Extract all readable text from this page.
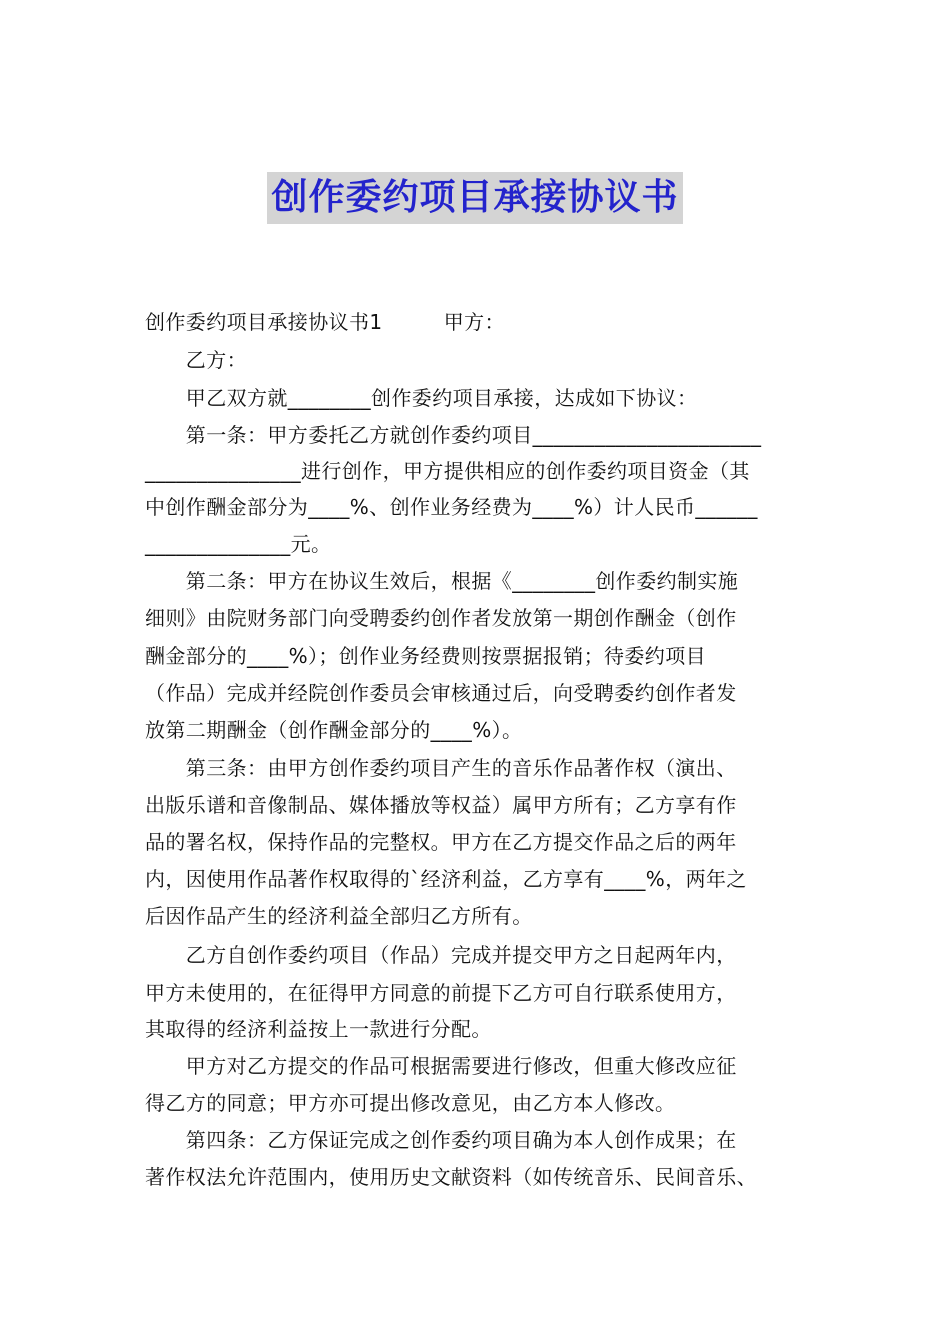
创作委约项目承接协议书
创作委约项目承接协议书1　　　甲方：
　　乙方：
　　甲乙双方就________创作委约项目承接，达成如下协议：
　　第一条：甲方委托乙方就创作委约项目______________________
_______________进行创作，甲方提供相应的创作委约项目资金（其
中创作酬金部分为____%、创作业务经费为____%）计人民币______
______________元。
　　第二条：甲方在协议生效后，根据《________创作委约制实施
细则》由院财务部门向受聘委约创作者发放第一期创作酬金（创作
酬金部分的____%）；创作业务经费则按票据报销；待委约项目
（作品）完成并经院创作委员会审核通过后，向受聘委约创作者发
放第二期酬金（创作酬金部分的____%）。
　　第三条：由甲方创作委约项目产生的音乐作品著作权（演出、
出版乐谱和音像制品、媒体播放等权益）属甲方所有；乙方享有作
品的署名权，保持作品的完整权。甲方在乙方提交作品之后的两年
内，因使用作品著作权取得的`经济利益，乙方享有____%，两年之
后因作品产生的经济利益全部归乙方所有。
　　乙方自创作委约项目（作品）完成并提交甲方之日起两年内，
甲方未使用的，在征得甲方同意的前提下乙方可自行联系使用方，
其取得的经济利益按上一款进行分配。
　　甲方对乙方提交的作品可根据需要进行修改，但重大修改应征
得乙方的同意；甲方亦可提出修改意见，由乙方本人修改。
　　第四条：乙方保证完成之创作委约项目确为本人创作成果；在
著作权法允许范围内，使用历史文献资料（如传统音乐、民间音乐、
